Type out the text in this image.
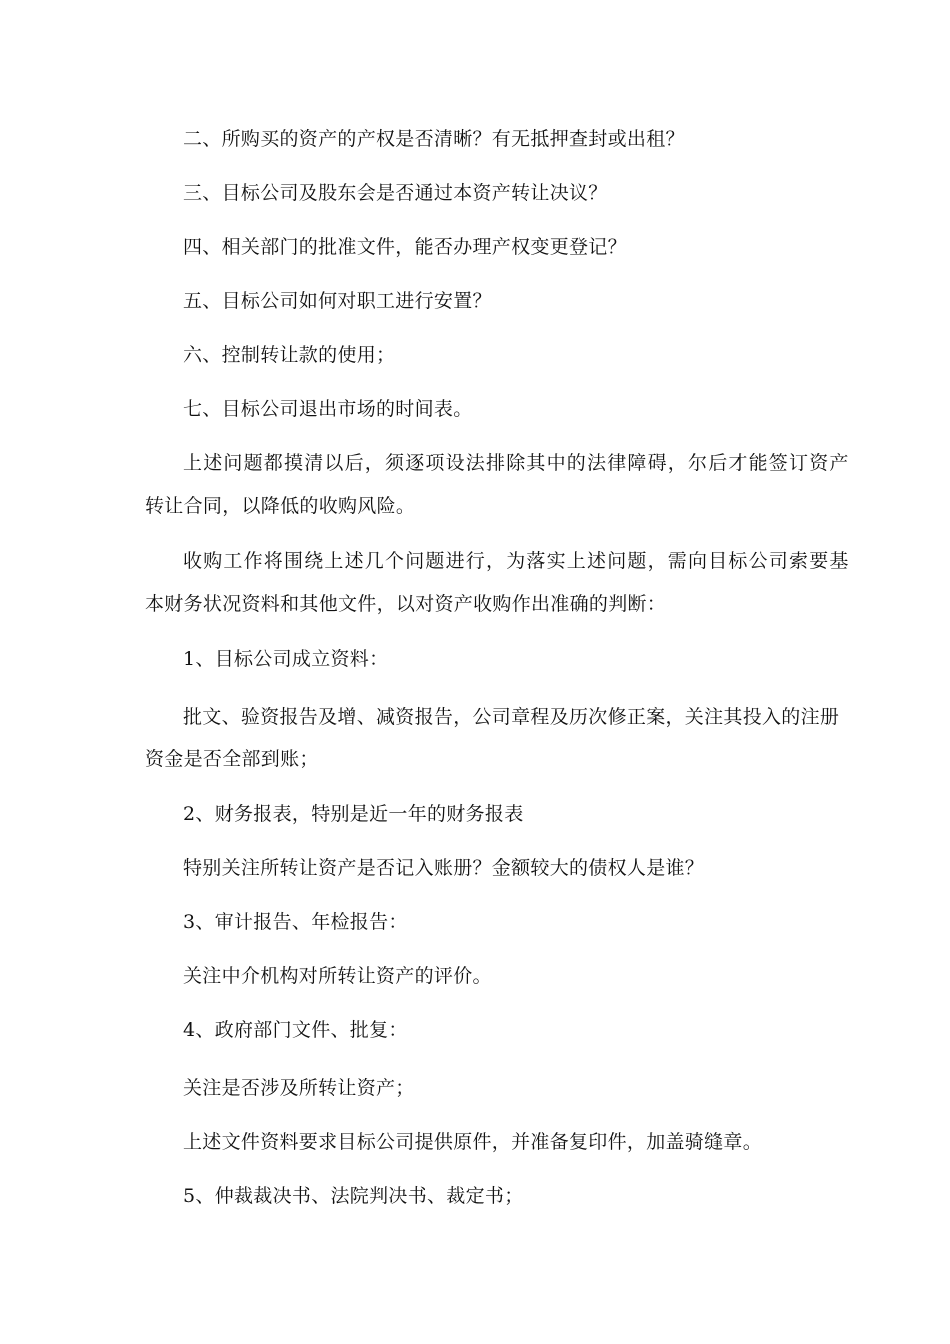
二、所购买的资产的产权是否清晰？有无抵押查封或出租？
三、目标公司及股东会是否通过本资产转让决议？
四、相关部门的批准文件，能否办理产权变更登记？
五、目标公司如何对职工进行安置？
六、控制转让款的使用；
七、目标公司退出市场的时间表。
上述问题都摸清以后，须逐项设法排除其中的法律障碍，尔后才能签订资产
转让合同，以降低的收购风险。
收购工作将围绕上述几个问题进行，为落实上述问题，需向目标公司索要基
本财务状况资料和其他文件，以对资产收购作出准确的判断：
1、目标公司成立资料：
批文、验资报告及增、减资报告，公司章程及历次修正案，关注其投入的注册
资金是否全部到账；
2、财务报表，特别是近一年的财务报表
特别关注所转让资产是否记入账册？金额较大的债权人是谁？
3、审计报告、年检报告：
关注中介机构对所转让资产的评价。
4、政府部门文件、批复：
关注是否涉及所转让资产；
上述文件资料要求目标公司提供原件，并准备复印件，加盖骑缝章。
5、仲裁裁决书、法院判决书、裁定书；
